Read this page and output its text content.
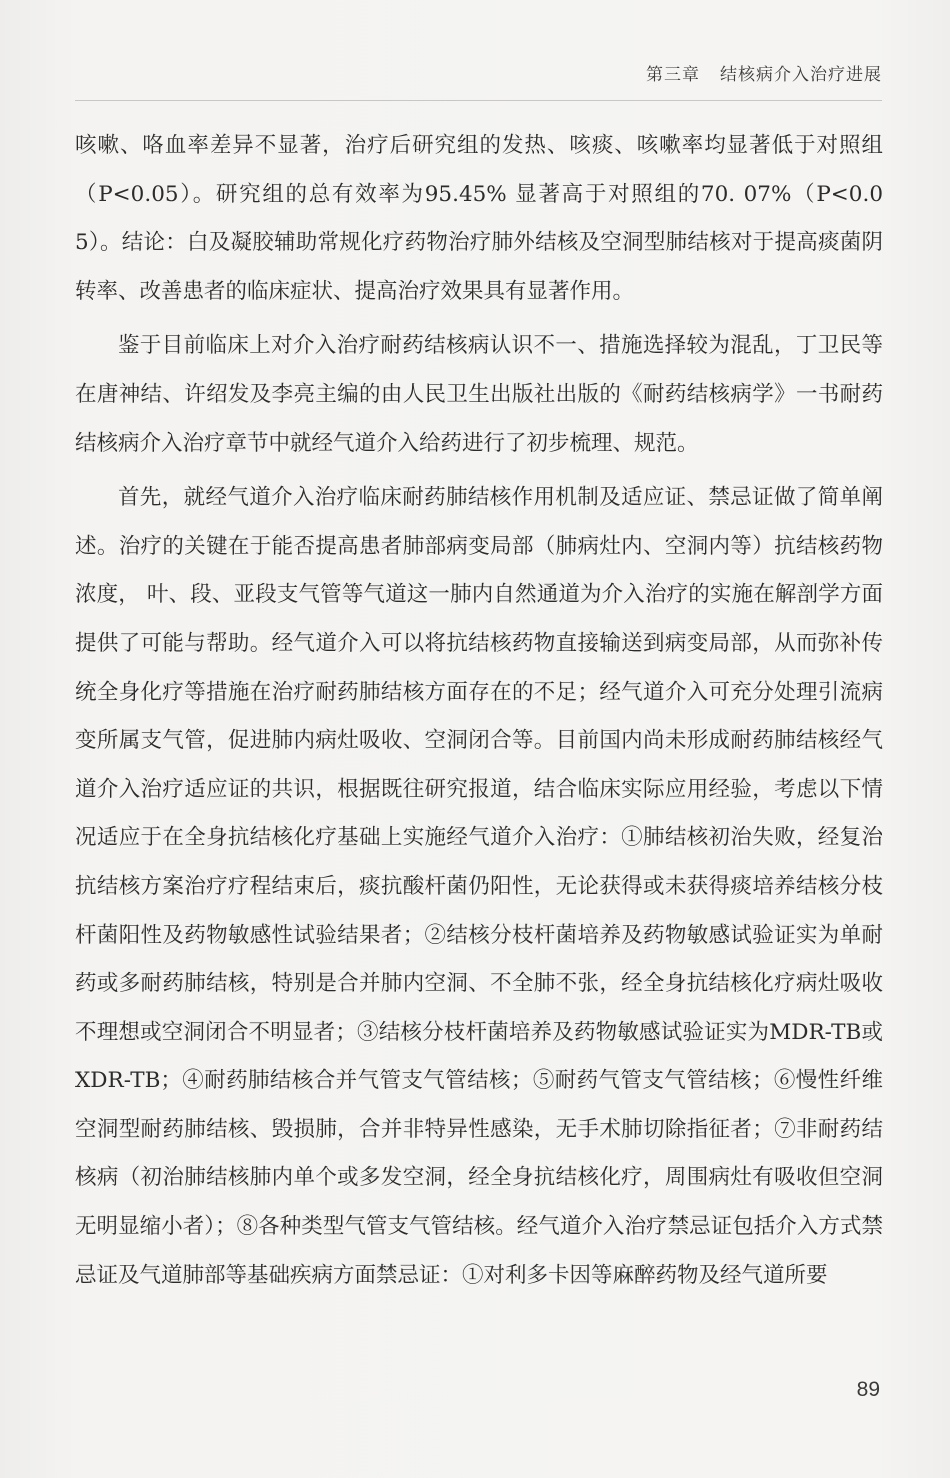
第三章 结核病介入治疗进展

咳嗽、咯血率差异不显著，治疗后研究组的发热、咳痰、咳嗽率均显著低于对照组（P<0.05）。研究组的总有效率为95.45% 显著高于对照组的70. 07%（P<0.05）。结论：白及凝胶辅助常规化疗药物治疗肺外结核及空洞型肺结核对于提高痰菌阴转率、改善患者的临床症状、提高治疗效果具有显著作用。

鉴于目前临床上对介入治疗耐药结核病认识不一、措施选择较为混乱，丁卫民等在唐神结、许绍发及李亮主编的由人民卫生出版社出版的《耐药结核病学》一书耐药结核病介入治疗章节中就经气道介入给药进行了初步梳理、规范。

首先，就经气道介入治疗临床耐药肺结核作用机制及适应证、禁忌证做了简单阐述。治疗的关键在于能否提高患者肺部病变局部（肺病灶内、空洞内等）抗结核药物浓度， 叶、段、亚段支气管等气道这一肺内自然通道为介入治疗的实施在解剖学方面提供了可能与帮助。经气道介入可以将抗结核药物直接输送到病变局部，从而弥补传统全身化疗等措施在治疗耐药肺结核方面存在的不足；经气道介入可充分处理引流病变所属支气管，促进肺内病灶吸收、空洞闭合等。目前国内尚未形成耐药肺结核经气道介入治疗适应证的共识，根据既往研究报道，结合临床实际应用经验，考虑以下情况适应于在全身抗结核化疗基础上实施经气道介入治疗：①肺结核初治失败，经复治抗结核方案治疗疗程结束后，痰抗酸杆菌仍阳性，无论获得或未获得痰培养结核分枝杆菌阳性及药物敏感性试验结果者；②结核分枝杆菌培养及药物敏感试验证实为单耐药或多耐药肺结核，特别是合并肺内空洞、不全肺不张，经全身抗结核化疗病灶吸收不理想或空洞闭合不明显者；③结核分枝杆菌培养及药物敏感试验证实为MDR-TB或XDR-TB；④耐药肺结核合并气管支气管结核；⑤耐药气管支气管结核；⑥慢性纤维空洞型耐药肺结核、毁损肺，合并非特异性感染，无手术肺切除指征者；⑦非耐药结核病（初治肺结核肺内单个或多发空洞，经全身抗结核化疗，周围病灶有吸收但空洞无明显缩小者）；⑧各种类型气管支气管结核。经气道介入治疗禁忌证包括介入方式禁忌证及气道肺部等基础疾病方面禁忌证：①对利多卡因等麻醉药物及经气道所要

89
